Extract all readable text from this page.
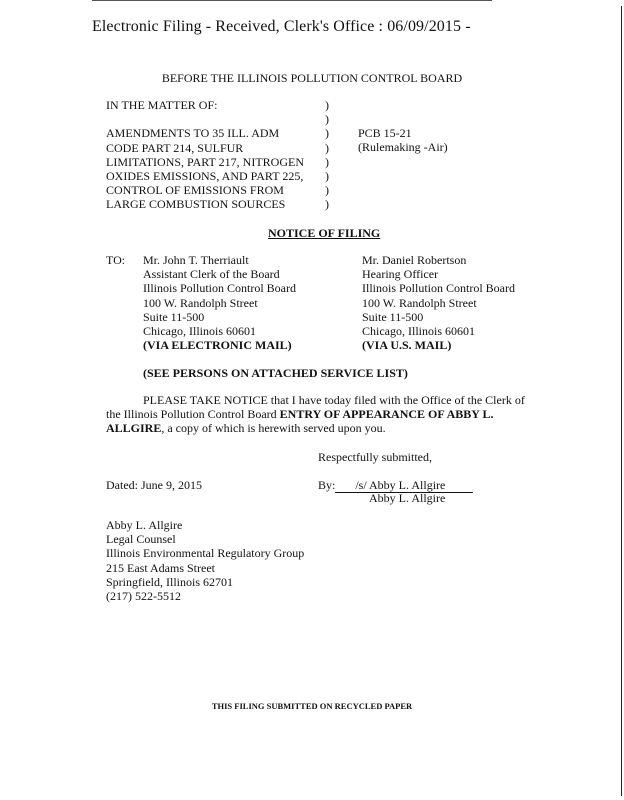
Electronic Filing - Received, Clerk's Office : 06/09/2015 -
BEFORE THE ILLINOIS POLLUTION CONTROL BOARD
IN THE MATTER OF:
AMENDMENTS TO 35 ILL. ADM
CODE PART 214, SULFUR
LIMITATIONS, PART 217, NITROGEN
OXIDES EMISSIONS, AND PART 225,
CONTROL OF EMISSIONS FROM
LARGE COMBUSTION SOURCES
)
)
)
)
)
)
)
)
PCB 15-21
(Rulemaking -Air)
NOTICE OF FILING
TO: Mr. John T. Therriault
Assistant Clerk of the Board
Illinois Pollution Control Board
100 W. Randolph Street
Suite 11-500
Chicago, Illinois 60601
(VIA ELECTRONIC MAIL)
Mr. Daniel Robertson
Hearing Officer
Illinois Pollution Control Board
100 W. Randolph Street
Suite 11-500
Chicago, Illinois 60601
(VIA U.S. MAIL)
(SEE PERSONS ON ATTACHED SERVICE LIST)
PLEASE TAKE NOTICE that I have today filed with the Office of the Clerk of
the Illinois Pollution Control Board ENTRY OF APPEARANCE OF ABBY L.
ALLGIRE, a copy of which is herewith served upon you.
Respectfully submitted,
Dated: June 9, 2015	By: /s/ Abby L. Allgire
Abby L. Allgire
Abby L. Allgire
Legal Counsel
Illinois Environmental Regulatory Group
215 East Adams Street
Springfield, Illinois 62701
(217) 522-5512
THIS FILING SUBMITTED ON RECYCLED PAPER
